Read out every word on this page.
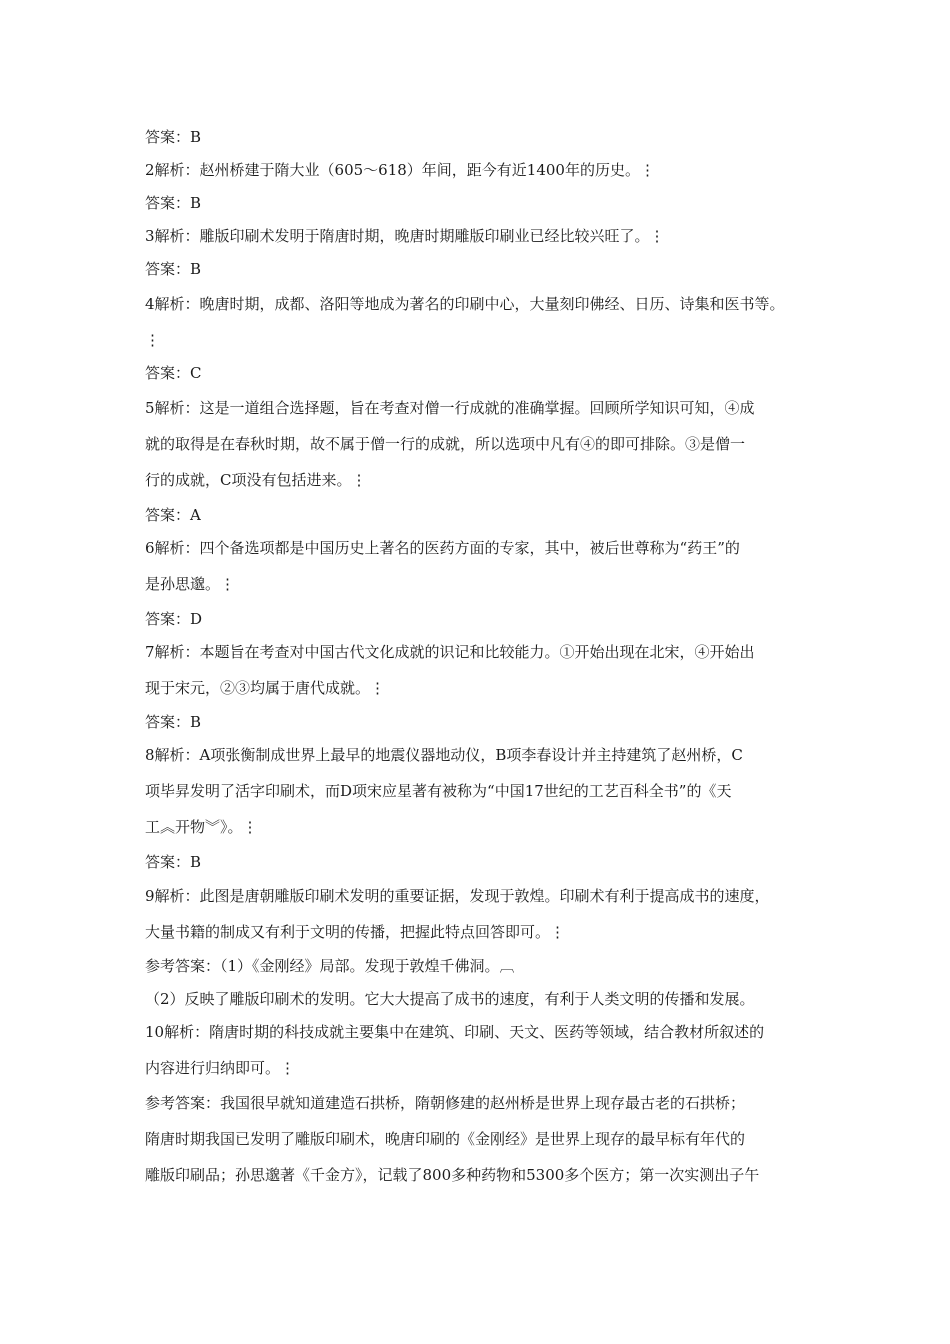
答案：B
2解析：赵州桥建于隋大业（605～618）年间，距今有近1400年的历史。⋮
答案：B
3解析：雕版印刷术发明于隋唐时期，晚唐时期雕版印刷业已经比较兴旺了。⋮
答案：B
4解析：晚唐时期，成都、洛阳等地成为著名的印刷中心，大量刻印佛经、日历、诗集和医书等。
⋮
答案：C
5解析：这是一道组合选择题，旨在考查对僧一行成就的准确掌握。回顾所学知识可知，④成
就的取得是在春秋时期，故不属于僧一行的成就，所以选项中凡有④的即可排除。③是僧一
行的成就，C项没有包括进来。⋮
答案：A
6解析：四个备选项都是中国历史上著名的医药方面的专家，其中，被后世尊称为“药王”的
是孙思邈。⋮
答案：D
7解析：本题旨在考查对中国古代文化成就的识记和比较能力。①开始出现在北宋，④开始出
现于宋元，②③均属于唐代成就。⋮
答案：B
8解析：A项张衡制成世界上最早的地震仪器地动仪，B项李春设计并主持建筑了赵州桥，C
项毕昇发明了活字印刷术，而D项宋应星著有被称为“中国17世纪的工艺百科全书”的《天
工︽开物︾》。⋮
答案：B
9解析：此图是唐朝雕版印刷术发明的重要证据，发现于敦煌。印刷术有利于提高成书的速度，
大量书籍的制成又有利于文明的传播，把握此特点回答即可。⋮
参考答案：（1）《金刚经》局部。发现于敦煌千佛洞。︹
（2）反映了雕版印刷术的发明。它大大提高了成书的速度，有利于人类文明的传播和发展。
10解析：隋唐时期的科技成就主要集中在建筑、印刷、天文、医药等领域，结合教材所叙述的
内容进行归纳即可。⋮
参考答案：我国很早就知道建造石拱桥，隋朝修建的赵州桥是世界上现存最古老的石拱桥；
隋唐时期我国已发明了雕版印刷术，晚唐印刷的《金刚经》是世界上现存的最早标有年代的
雕版印刷品；孙思邈著《千金方》，记载了800多种药物和5300多个医方；第一次实测出子午
